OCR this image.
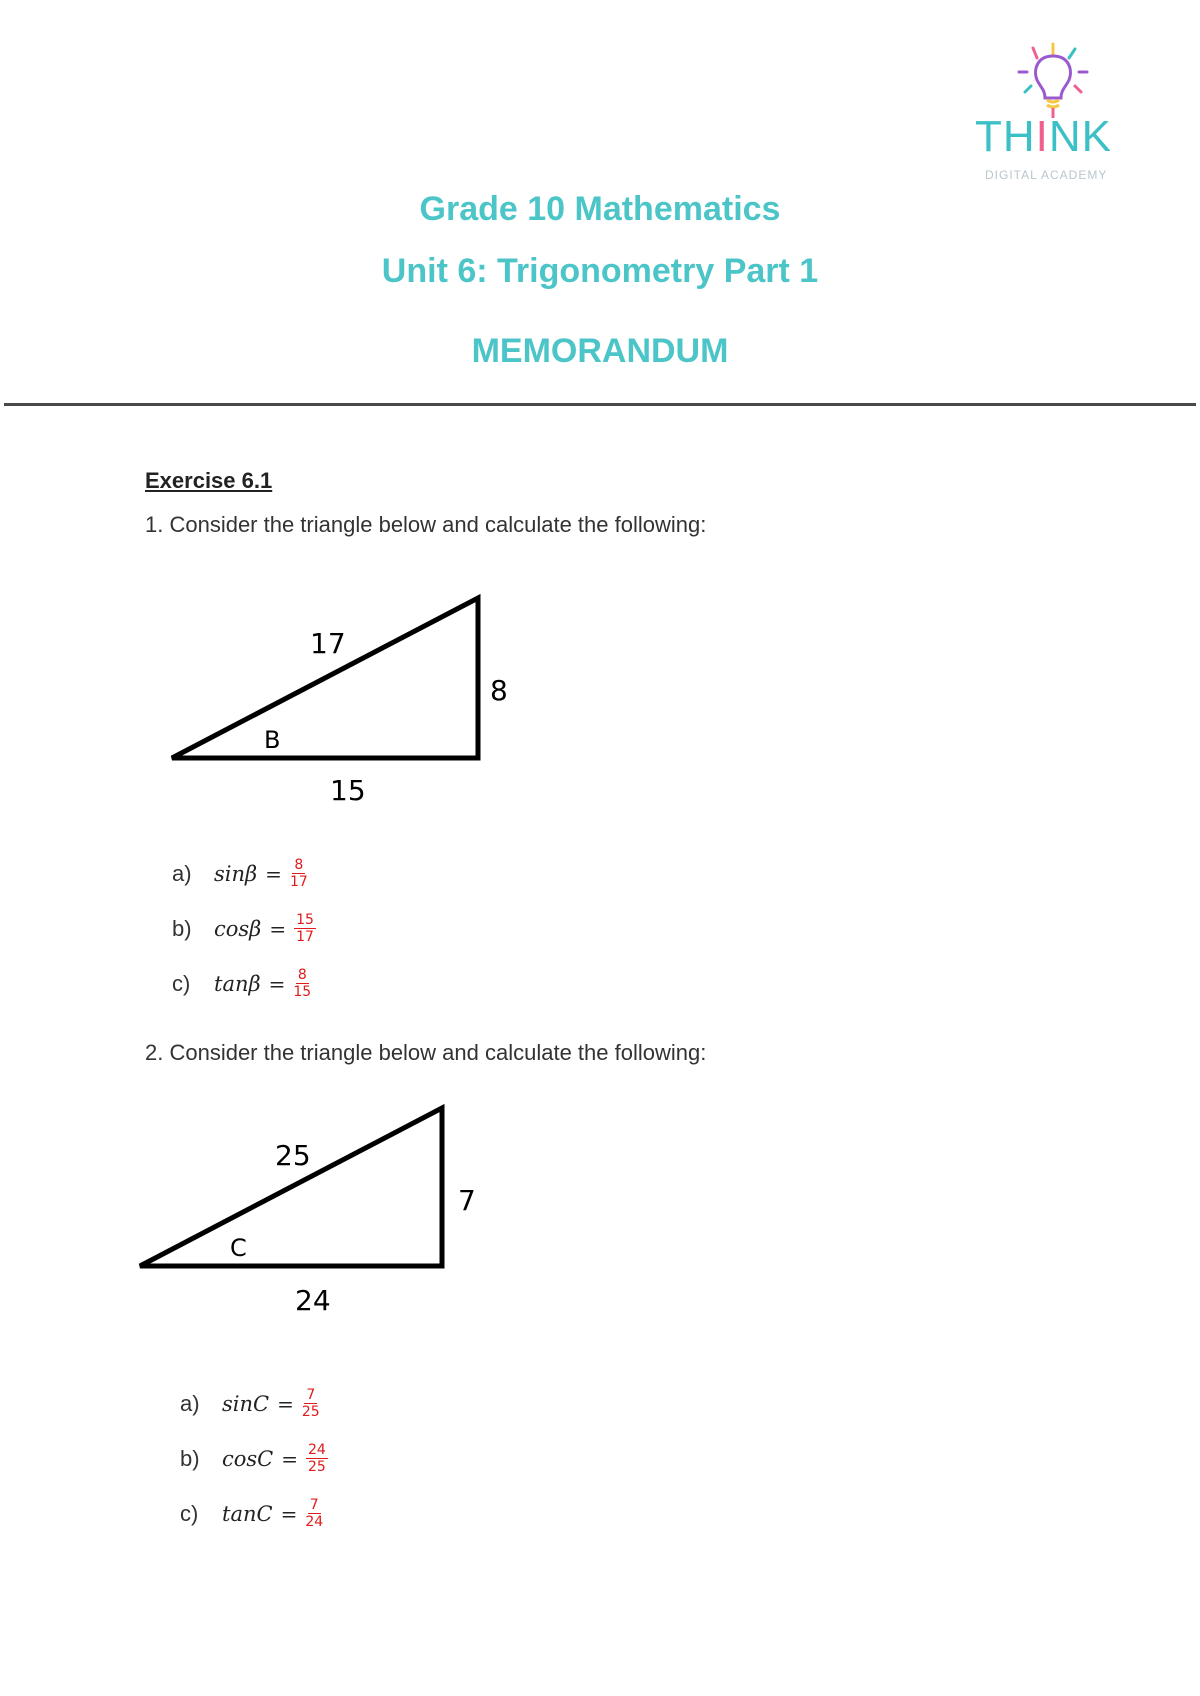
THINK
DIGITAL ACADEMY
Grade 10 Mathematics
Unit 6: Trigonometry Part 1
MEMORANDUM
Exercise 6.1
1. Consider the triangle below and calculate the following:
17
8
15
B
a)	$\sin\beta = \frac{8}{17}$
b)	$\cos\beta = \frac{15}{17}$
c)	$\tan\beta = \frac{8}{15}$
2. Consider the triangle below and calculate the following:
25
7
24
C
a)	$\sin C = \frac{7}{25}$
b)	$\cos C = \frac{24}{25}$
c)	$\tan C = \frac{7}{24}$
